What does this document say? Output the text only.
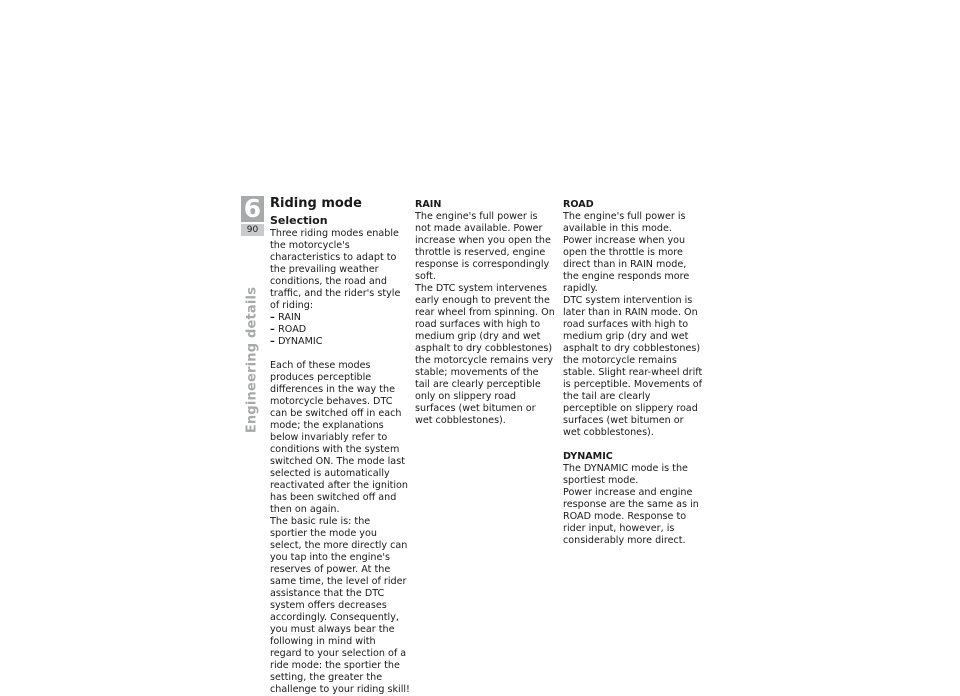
6
90
Engineering details
Riding mode
Selection

Three riding modes enable the motorcycle's characteristics to adapt to the prevailing weather conditions, the road and traffic, and the rider's style of riding:

– RAIN
– ROAD
– DYNAMIC

Each of these modes produces perceptible differences in the way the motorcycle behaves. DTC can be switched off in each mode; the explanations below invariably refer to conditions with the system switched ON. The mode last selected is automatically reactivated after the ignition has been switched off and then on again.

The basic rule is: the sportier the mode you select, the more directly can you tap into the engine's reserves of power. At the same time, the level of rider assistance that the DTC system offers decreases accordingly. Consequently, you must always bear the following in mind with regard to your selection of a ride mode: the sportier the setting, the greater the challenge to your riding skill!

RAIN

The engine's full power is not made available. Power increase when you open the throttle is reserved, engine response is correspondingly soft.

The DTC system intervenes early enough to prevent the rear wheel from spinning. On road surfaces with high to medium grip (dry and wet asphalt to dry cobblestones) the motorcycle remains very stable; movements of the tail are clearly perceptible only on slippery road surfaces (wet bitumen or wet cobblestones).

ROAD

The engine's full power is available in this mode. Power increase when you open the throttle is more direct than in RAIN mode, the engine responds more rapidly.

DTC system intervention is later than in RAIN mode. On road surfaces with high to medium grip (dry and wet asphalt to dry cobblestones) the motorcycle remains stable. Slight rear-wheel drift is perceptible. Movements of the tail are clearly perceptible on slippery road surfaces (wet bitumen or wet cobblestones).

DYNAMIC

The DYNAMIC mode is the sportiest mode.

Power increase and engine response are the same as in ROAD mode. Response to rider input, however, is considerably more direct.
